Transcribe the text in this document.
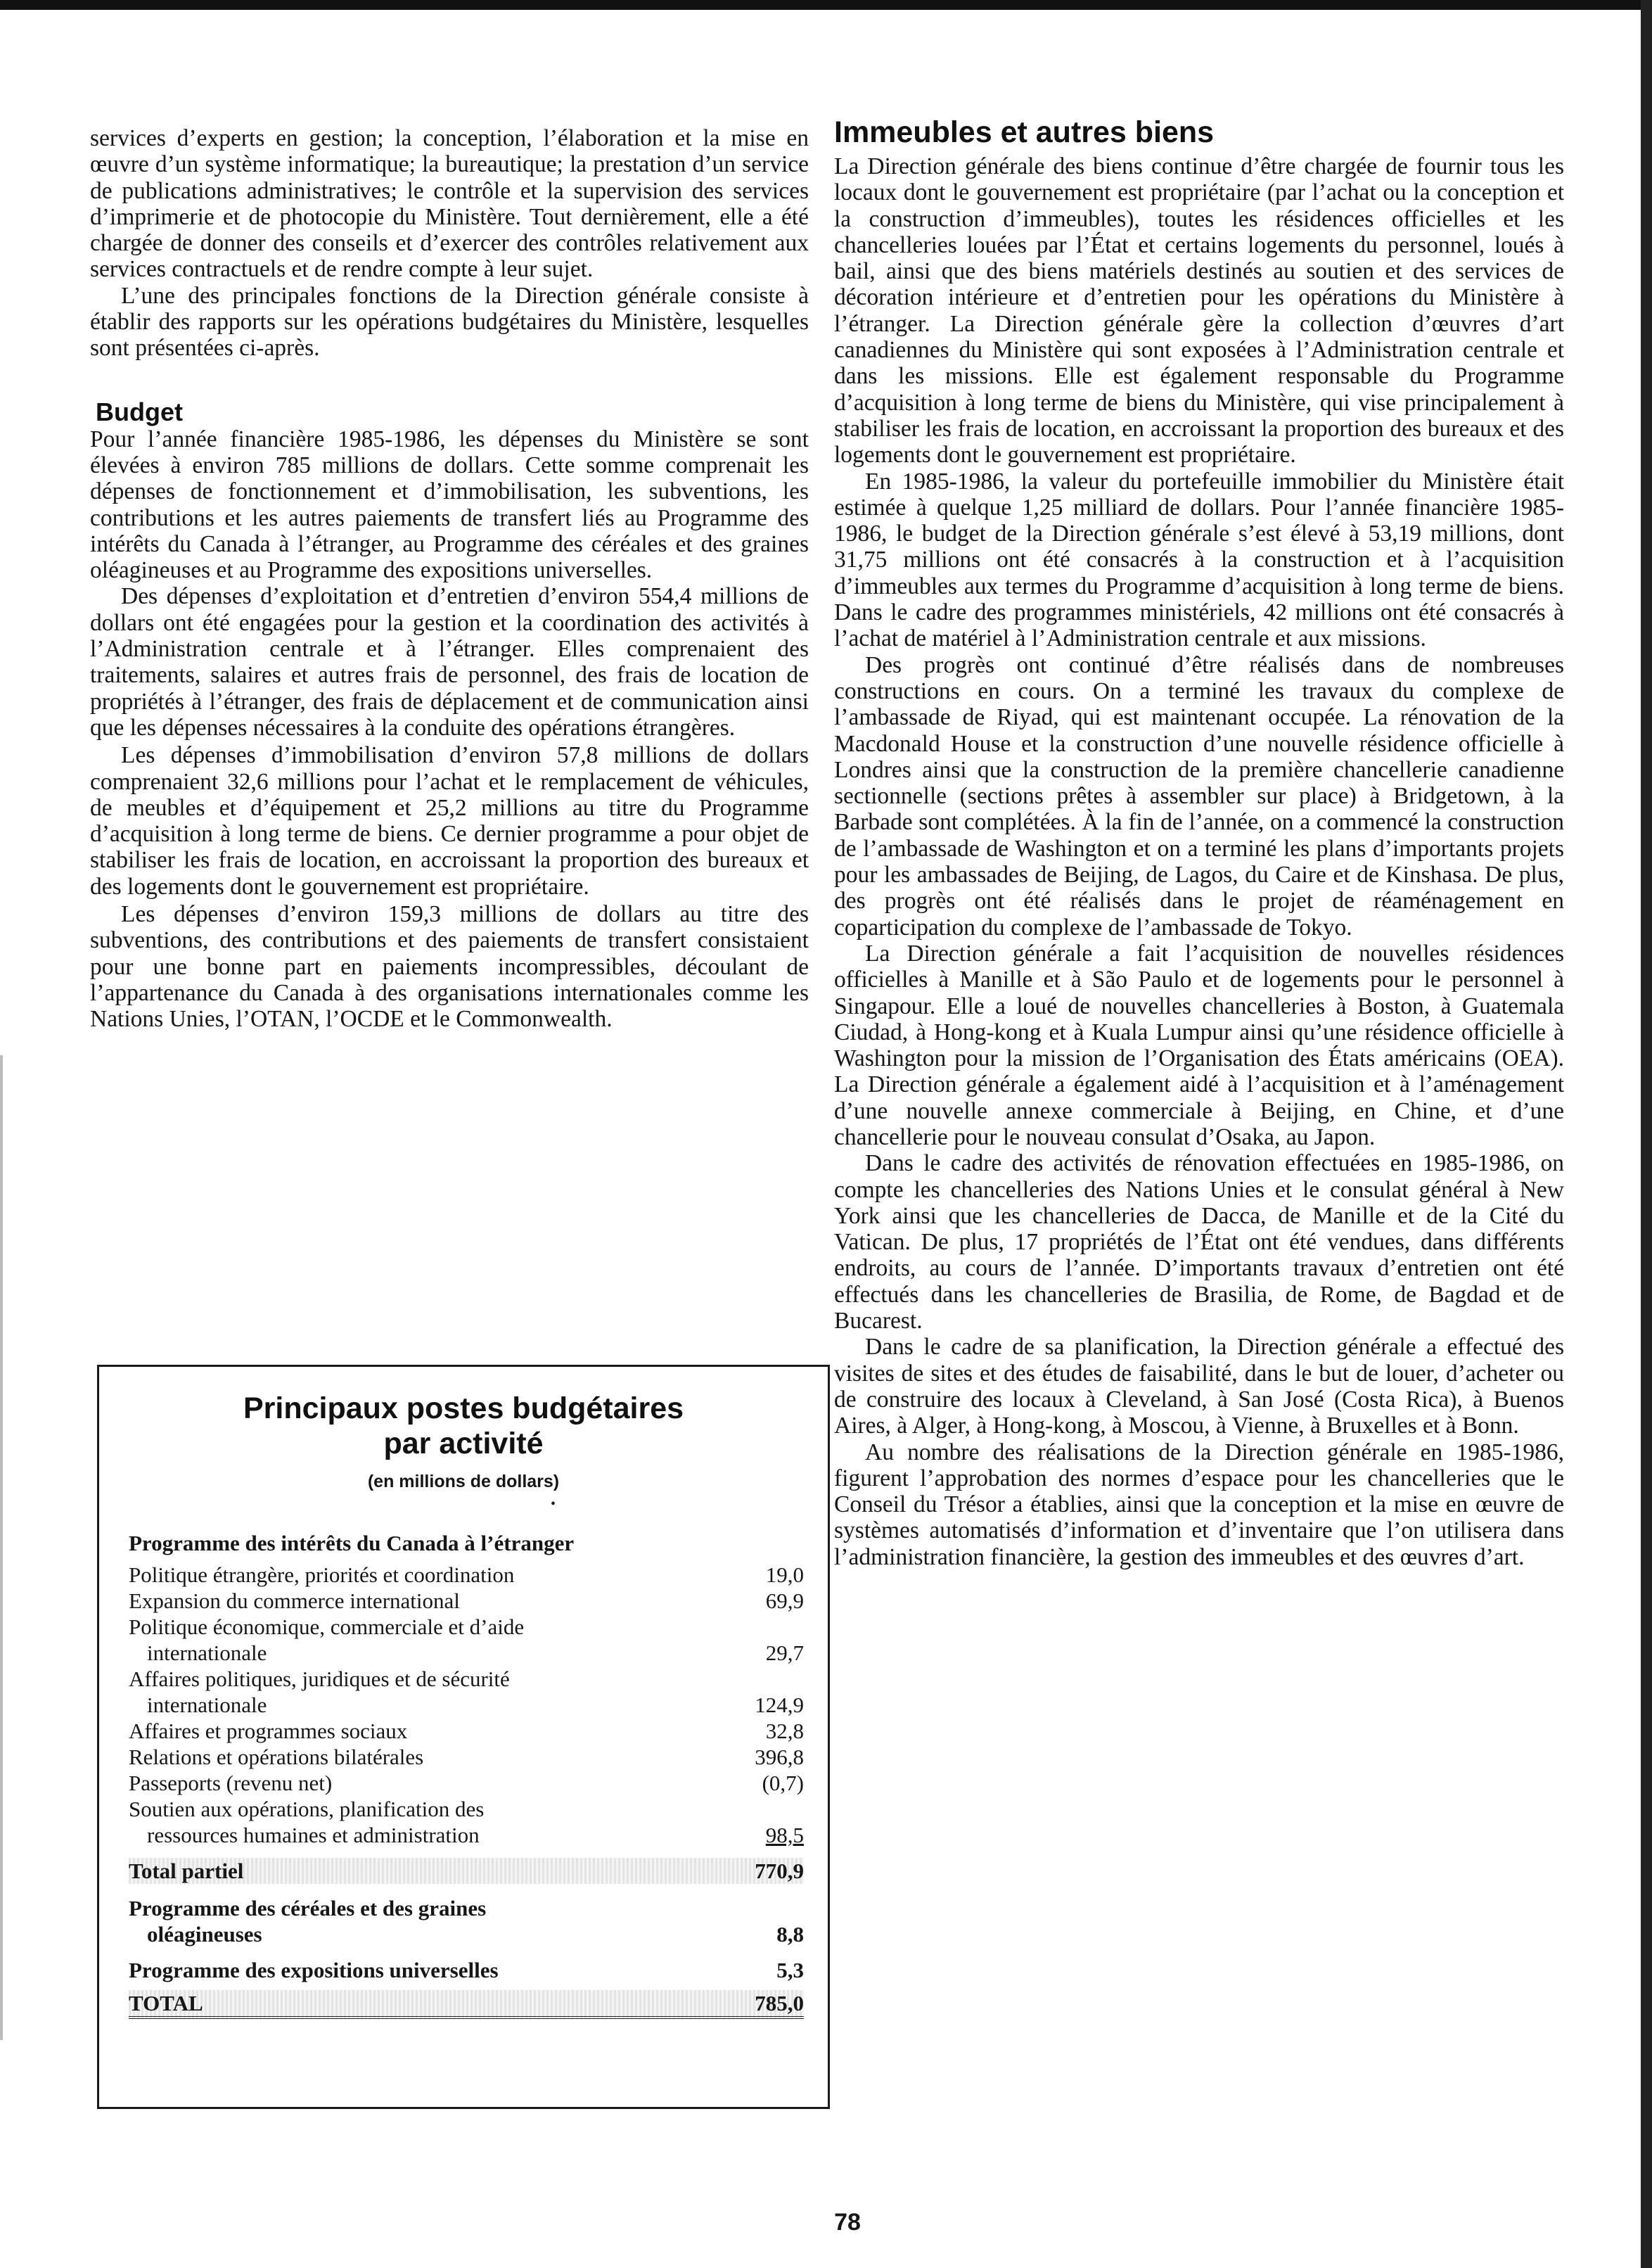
services d’experts en gestion; la conception, l’élaboration et la mise en œuvre d’un système informatique; la bureautique; la prestation d’un service de publications administratives; le contrôle et la supervision des services d’imprimerie et de photocopie du Ministère. Tout dernièrement, elle a été chargée de donner des conseils et d’exercer des contrôles relativement aux services contractuels et de rendre compte à leur sujet.

L’une des principales fonctions de la Direction générale consiste à établir des rapports sur les opérations budgétaires du Ministère, lesquelles sont présentées ci-après.

Budget

Pour l’année financière 1985-1986, les dépenses du Ministère se sont élevées à environ 785 millions de dollars. Cette somme comprenait les dépenses de fonctionnement et d’immobilisation, les subventions, les contributions et les autres paiements de transfert liés au Programme des intérêts du Canada à l’étranger, au Programme des céréales et des graines oléagineuses et au Programme des expositions universelles.

Des dépenses d’exploitation et d’entretien d’environ 554,4 millions de dollars ont été engagées pour la gestion et la coordination des activités à l’Administration centrale et à l’étranger. Elles comprenaient des traitements, salaires et autres frais de personnel, des frais de location de propriétés à l’étranger, des frais de déplacement et de communication ainsi que les dépenses nécessaires à la conduite des opérations étrangères.

Les dépenses d’immobilisation d’environ 57,8 millions de dollars comprenaient 32,6 millions pour l’achat et le remplacement de véhicules, de meubles et d’équipement et 25,2 millions au titre du Programme d’acquisition à long terme de biens. Ce dernier programme a pour objet de stabiliser les frais de location, en accroissant la proportion des bureaux et des logements dont le gouvernement est propriétaire.

Les dépenses d’environ 159,3 millions de dollars au titre des subventions, des contributions et des paiements de transfert consistaient pour une bonne part en paiements incompressibles, découlant de l’appartenance du Canada à des organisations internationales comme les Nations Unies, l’OTAN, l’OCDE et le Commonwealth.

Immeubles et autres biens

La Direction générale des biens continue d’être chargée de fournir tous les locaux dont le gouvernement est propriétaire (par l’achat ou la conception et la construction d’immeubles), toutes les résidences officielles et les chancelleries louées par l’État et certains logements du personnel, loués à bail, ainsi que des biens matériels destinés au soutien et des services de décoration intérieure et d’entretien pour les opérations du Ministère à l’étranger. La Direction générale gère la collection d’œuvres d’art canadiennes du Ministère qui sont exposées à l’Administration centrale et dans les missions. Elle est également responsable du Programme d’acquisition à long terme de biens du Ministère, qui vise principalement à stabiliser les frais de location, en accroissant la proportion des bureaux et des logements dont le gouvernement est propriétaire.

En 1985-1986, la valeur du portefeuille immobilier du Ministère était estimée à quelque 1,25 milliard de dollars. Pour l’année financière 1985-1986, le budget de la Direction générale s’est élevé à 53,19 millions, dont 31,75 millions ont été consacrés à la construction et à l’acquisition d’immeubles aux termes du Programme d’acquisition à long terme de biens. Dans le cadre des programmes ministériels, 42 millions ont été consacrés à l’achat de matériel à l’Administration centrale et aux missions.

Des progrès ont continué d’être réalisés dans de nombreuses constructions en cours. On a terminé les travaux du complexe de l’ambassade de Riyad, qui est maintenant occupée. La rénovation de la Macdonald House et la construction d’une nouvelle résidence officielle à Londres ainsi que la construction de la première chancellerie canadienne sectionnelle (sections prêtes à assembler sur place) à Bridgetown, à la Barbade sont complétées. À la fin de l’année, on a commencé la construction de l’ambassade de Washington et on a terminé les plans d’importants projets pour les ambassades de Beijing, de Lagos, du Caire et de Kinshasa. De plus, des progrès ont été réalisés dans le projet de réaménagement en coparticipation du complexe de l’ambassade de Tokyo.

La Direction générale a fait l’acquisition de nouvelles résidences officielles à Manille et à São Paulo et de logements pour le personnel à Singapour. Elle a loué de nouvelles chancelleries à Boston, à Guatemala Ciudad, à Hong-kong et à Kuala Lumpur ainsi qu’une résidence officielle à Washington pour la mission de l’Organisation des États américains (OEA). La Direction générale a également aidé à l’acquisition et à l’aménagement d’une nouvelle annexe commerciale à Beijing, en Chine, et d’une chancellerie pour le nouveau consulat d’Osaka, au Japon.

Dans le cadre des activités de rénovation effectuées en 1985-1986, on compte les chancelleries des Nations Unies et le consulat général à New York ainsi que les chancelleries de Dacca, de Manille et de la Cité du Vatican. De plus, 17 propriétés de l’État ont été vendues, dans différents endroits, au cours de l’année. D’importants travaux d’entretien ont été effectués dans les chancelleries de Brasilia, de Rome, de Bagdad et de Bucarest.

Dans le cadre de sa planification, la Direction générale a effectué des visites de sites et des études de faisabilité, dans le but de louer, d’acheter ou de construire des locaux à Cleveland, à San José (Costa Rica), à Buenos Aires, à Alger, à Hong-kong, à Moscou, à Vienne, à Bruxelles et à Bonn.

Au nombre des réalisations de la Direction générale en 1985-1986, figurent l’approbation des normes d’espace pour les chancelleries que le Conseil du Trésor a établies, ainsi que la conception et la mise en œuvre de systèmes automatisés d’information et d’inventaire que l’on utilisera dans l’administration financière, la gestion des immeubles et des œuvres d’art.

Principaux postes budgétaires
par activité
(en millions de dollars)
•
Programme des intérêts du Canada à l’étranger
Politique étrangère, priorités et coordination	19,0
Expansion du commerce international	69,9
Politique économique, commerciale et d’aide
internationale	29,7
Affaires politiques, juridiques et de sécurité
internationale	124,9
Affaires et programmes sociaux	32,8
Relations et opérations bilatérales	396,8
Passeports (revenu net)	(0,7)
Soutien aux opérations, planification des
ressources humaines et administration	98,5
Total partiel	770,9
Programme des céréales et des graines
oléagineuses	8,8
Programme des expositions universelles	5,3
TOTAL	785,0
78
